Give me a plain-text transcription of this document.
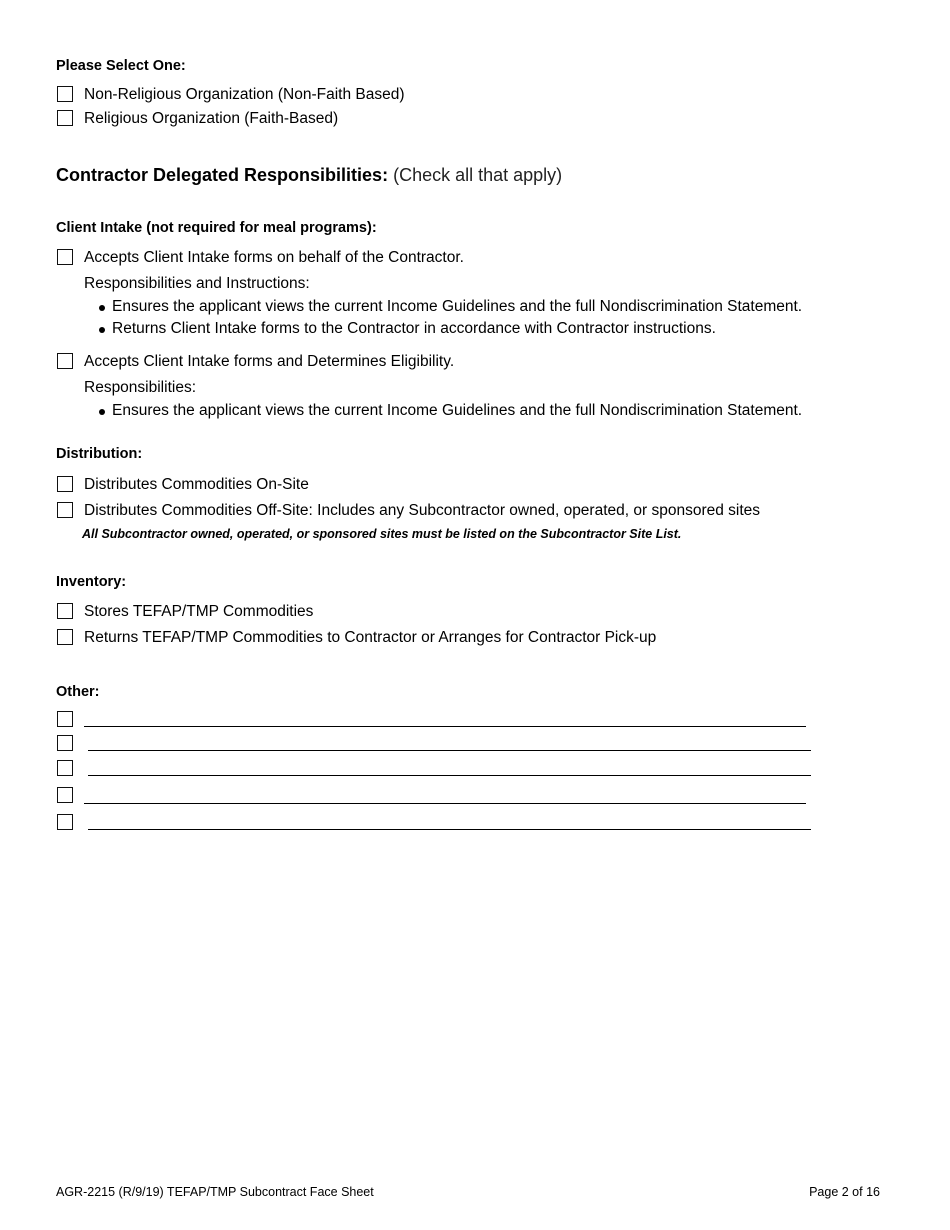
Please Select One:
Non-Religious Organization (Non-Faith Based)
Religious Organization (Faith-Based)
Contractor Delegated Responsibilities: (Check all that apply)
Client Intake (not required for meal programs):
Accepts Client Intake forms on behalf of the Contractor.
Responsibilities and Instructions:
Ensures the applicant views the current Income Guidelines and the full Nondiscrimination Statement.
Returns Client Intake forms to the Contractor in accordance with Contractor instructions.
Accepts Client Intake forms and Determines Eligibility.
Responsibilities:
Ensures the applicant views the current Income Guidelines and the full Nondiscrimination Statement.
Distribution:
Distributes Commodities On-Site
Distributes Commodities Off-Site: Includes any Subcontractor owned, operated, or sponsored sites
All Subcontractor owned, operated, or sponsored sites must be listed on the Subcontractor Site List.
Inventory:
Stores TEFAP/TMP Commodities
Returns TEFAP/TMP Commodities to Contractor or Arranges for Contractor Pick-up
Other:
AGR-2215 (R/9/19) TEFAP/TMP Subcontract Face Sheet	Page 2 of 16
